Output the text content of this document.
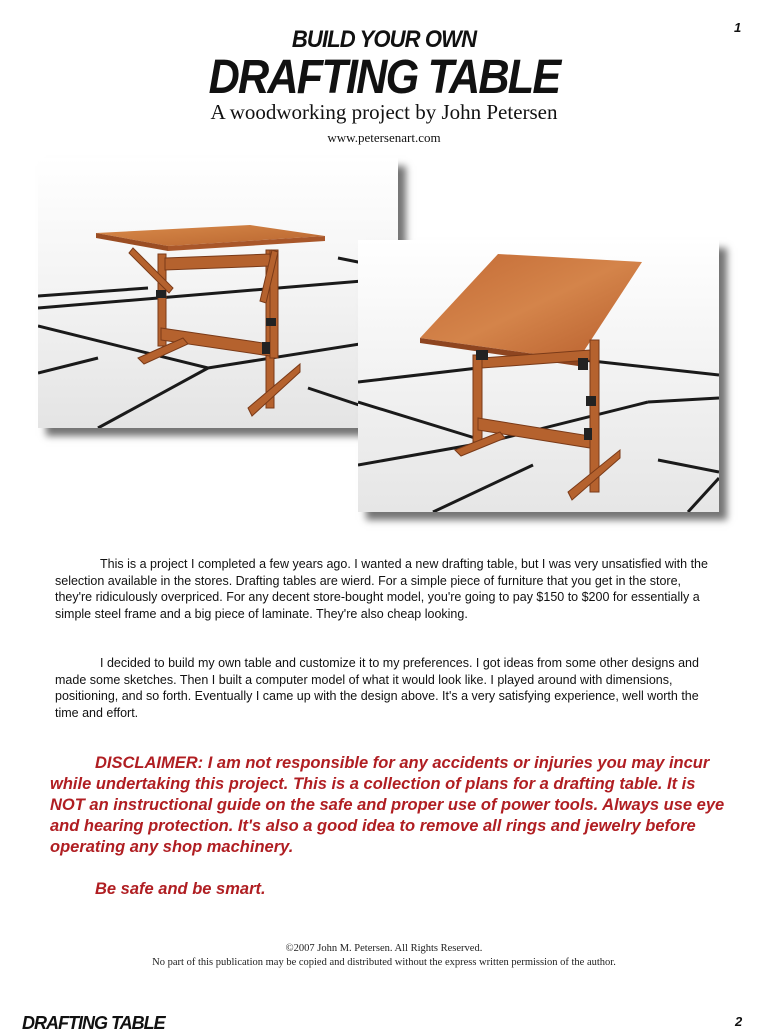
1
BUILD YOUR OWN
DRAFTING TABLE
A woodworking project by John Petersen
www.petersenart.com

This is a project I completed a few years ago. I wanted a new drafting table, but I was very unsatisfied with the selection available in the stores. Drafting tables are wierd. For a simple piece of furniture that you get in the store, they're ridiculously overpriced. For any decent store-bought model, you're going to pay $150 to $200 for essentially a simple steel frame and a big piece of laminate. They're also cheap looking.

I decided to build my own table and customize it to my preferences. I got ideas from some other designs and made some sketches. Then I built a computer model of what it would look like. I played around with dimensions, positioning, and so forth. Eventually I came up with the design above. It's a very satisfying experience, well worth the time and effort.

DISCLAIMER: I am not responsible for any accidents or injuries you may incur while undertaking this project. This is a collection of plans for a drafting table. It is NOT an instructional guide on the safe and proper use of power tools. Always use eye and hearing protection. It's also a good idea to remove all rings and jewelry before operating any shop machinery.

Be safe and be smart.

©2007 John M. Petersen. All Rights Reserved.
No part of this publication may be copied and distributed without the express written permission of the author.
DRAFTING TABLE	2
